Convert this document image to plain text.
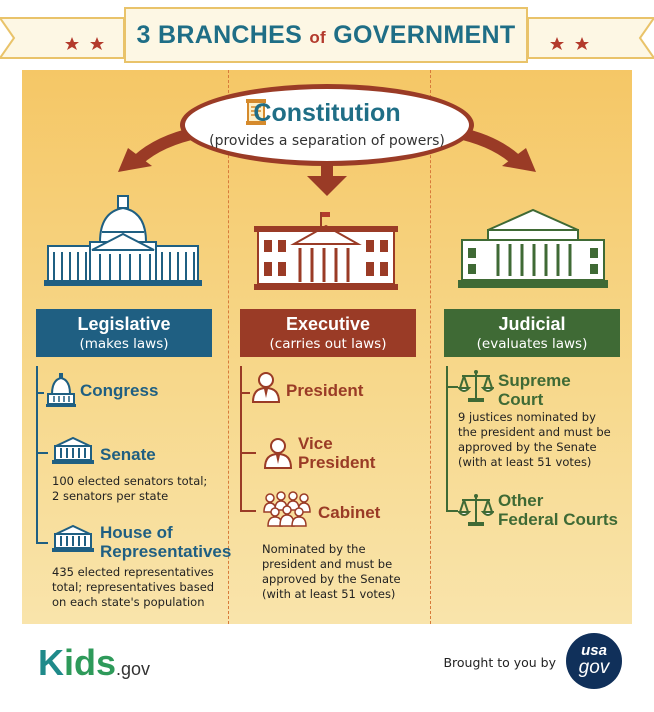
3 BRANCHES of GOVERNMENT
Constitution
(provides a separation of powers)
Legislative
(makes laws)
Executive
(carries out laws)
Judicial
(evaluates laws)
Congress
Senate
100 elected senators total;
2 senators per state
House of
Representatives
435 elected representatives
total; representatives based
on each state's population
President
Vice
President
Cabinet
Nominated by the
president and must be
approved by the Senate
(with at least 51 votes)
Supreme
Court
9 justices nominated by
the president and must be
approved by the Senate
(with at least 51 votes)
Other
Federal Courts
Kids.gov	Brought to you by
usa
gov
